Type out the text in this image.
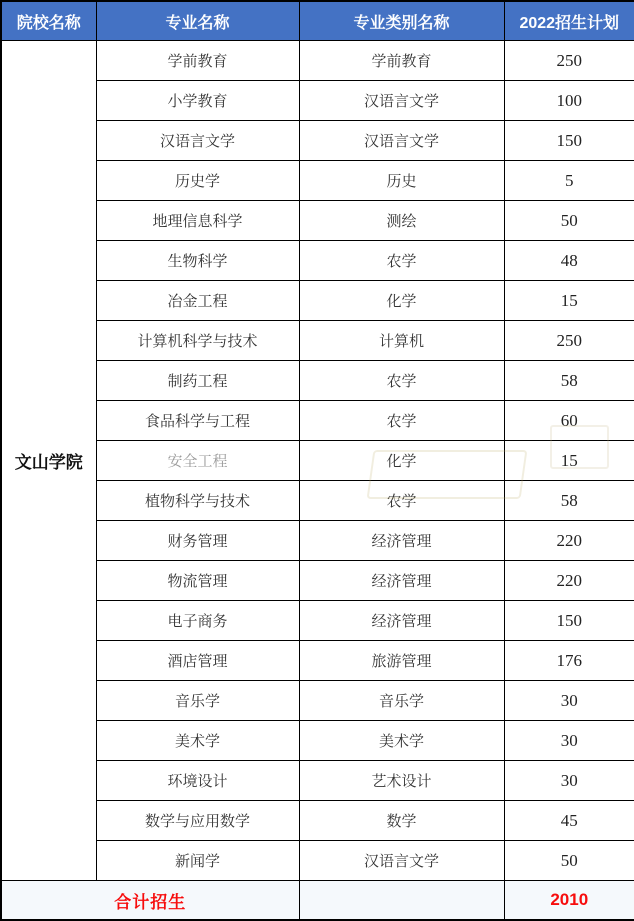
院校名称	专业名称	专业类别名称	2022招生计划
文山学院	学前教育	学前教育	250
	小学教育	汉语言文学	100
	汉语言文学	汉语言文学	150
	历史学	历史	5
	地理信息科学	测绘	50
	生物科学	农学	48
	冶金工程	化学	15
	计算机科学与技术	计算机	250
	制药工程	农学	58
	食品科学与工程	农学	60
	安全工程	化学	15
	植物科学与技术	农学	58
	财务管理	经济管理	220
	物流管理	经济管理	220
	电子商务	经济管理	150
	酒店管理	旅游管理	176
	音乐学	音乐学	30
	美术学	美术学	30
	环境设计	艺术设计	30
	数学与应用数学	数学	45
	新闻学	汉语言文学	50
合计招生			2010
